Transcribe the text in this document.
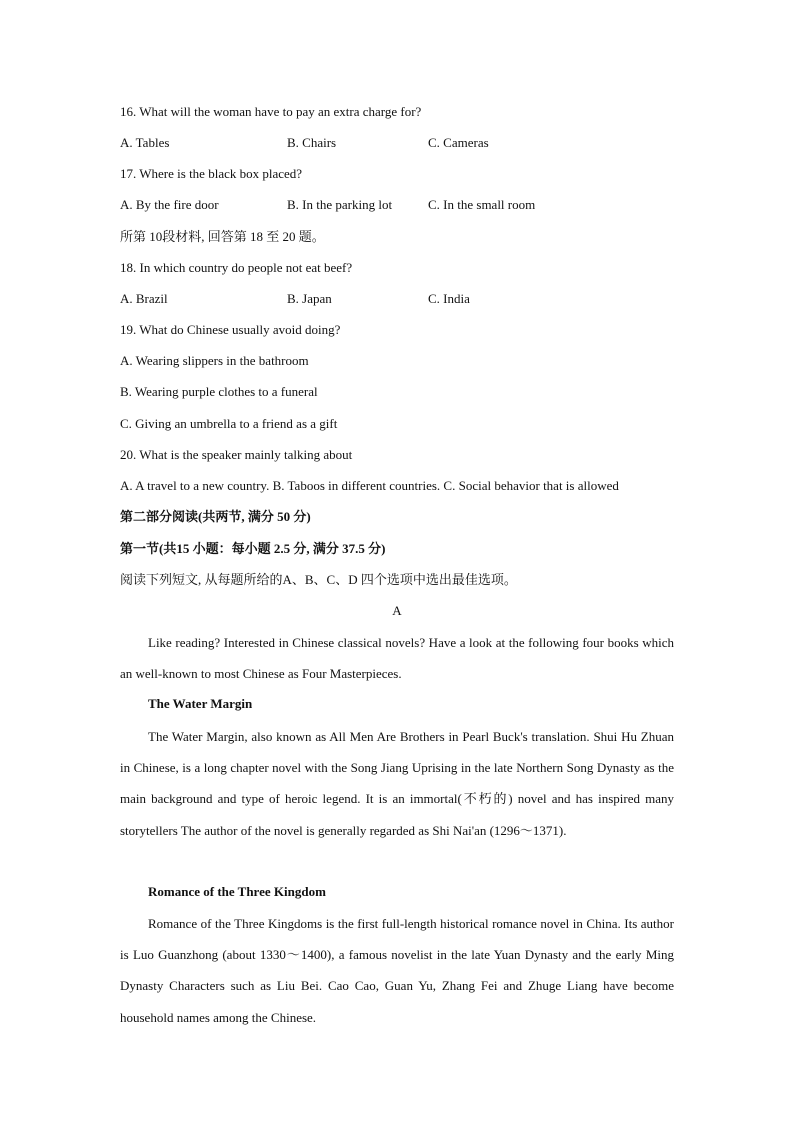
16. What will the woman have to pay an extra charge for?
A. Tables	B. Chairs	C. Cameras
17. Where is the black box placed?
A. By the fire door	B. In the parking lot	C. In the small room
所第 10段材料, 回答第 18 至 20 题。
18. In which country do people not eat beef?
A. Brazil	B. Japan	C. India
19. What do Chinese usually avoid doing?
A. Wearing slippers in the bathroom
B. Wearing purple clothes to a funeral
C. Giving an umbrella to a friend as a gift
20. What is the speaker mainly talking about
A. A travel to a new country. B. Taboos in different countries. C. Social behavior that is allowed
第二部分阅读(共两节, 满分 50 分)
第一节(共15 小题：每小题 2.5 分, 满分 37.5 分)
阅读下列短文, 从每题所给的A、B、C、D 四个选项中选出最佳选项。
A
Like reading? Interested in Chinese classical novels? Have a look at the following four books which an well-known to most Chinese as Four Masterpieces.
The Water Margin
The Water Margin, also known as All Men Are Brothers in Pearl Buck's translation. Shui Hu Zhuan in Chinese, is a long chapter novel with the Song Jiang Uprising in the late Northern Song Dynasty as the main background and type of heroic legend. It is an immortal(不朽的) novel and has inspired many storytellers The author of the novel is generally regarded as Shi Nai'an (1296～1371).
Romance of the Three Kingdom
Romance of the Three Kingdoms is the first full-length historical romance novel in China. Its author is Luo Guanzhong (about 1330～1400), a famous novelist in the late Yuan Dynasty and the early Ming Dynasty Characters such as Liu Bei. Cao Cao, Guan Yu, Zhang Fei and Zhuge Liang have become household names among the Chinese.
